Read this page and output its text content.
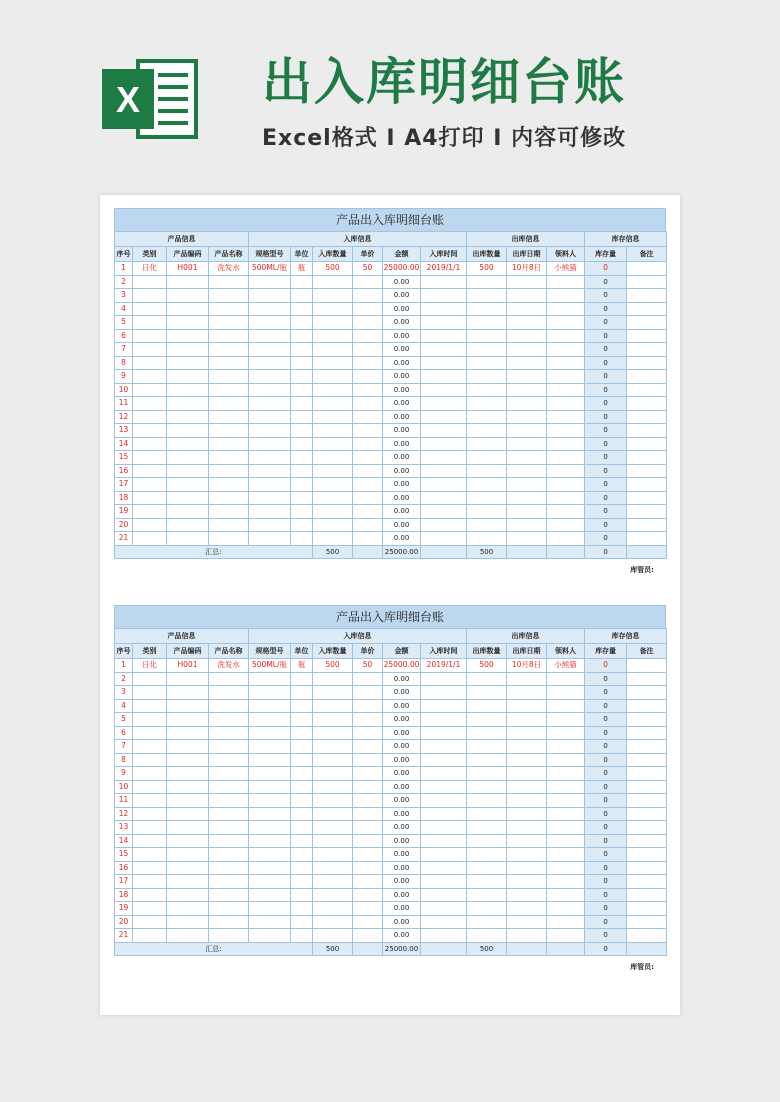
X 出入库明细台账
Excel格式 I A4打印 I 内容可修改
产品出入库明细台账
产品信息				入库信息						出库信息			库存信息	
序号	类别	产品编码	产品名称	规格型号	单位	入库数量	单价	金额	入库时间	出库数量	出库日期	领料人	库存量	备注
1	日化	H001	洗发水	500ML/瓶	瓶	500	50	25000.00	2019/1/1	500	10月8日	小熊猫	0	
2								0.00					0	
3								0.00					0	
4								0.00					0	
5								0.00					0	
6								0.00					0	
7								0.00					0	
8								0.00					0	
9								0.00					0	
10								0.00					0	
11								0.00					0	
12								0.00					0	
13								0.00					0	
14								0.00					0	
15								0.00					0	
16								0.00					0	
17								0.00					0	
18								0.00					0	
19								0.00					0	
20								0.00					0	
21								0.00					0	
汇总:						500		25000.00		500			0	
库管员:
产品出入库明细台账
产品信息				入库信息						出库信息			库存信息	
序号	类别	产品编码	产品名称	规格型号	单位	入库数量	单价	金额	入库时间	出库数量	出库日期	领料人	库存量	备注
1	日化	H001	洗发水	500ML/瓶	瓶	500	50	25000.00	2019/1/1	500	10月8日	小熊猫	0	
2								0.00					0	
3								0.00					0	
4								0.00					0	
5								0.00					0	
6								0.00					0	
7								0.00					0	
8								0.00					0	
9								0.00					0	
10								0.00					0	
11								0.00					0	
12								0.00					0	
13								0.00					0	
14								0.00					0	
15								0.00					0	
16								0.00					0	
17								0.00					0	
18								0.00					0	
19								0.00					0	
20								0.00					0	
21								0.00					0	
汇总:						500		25000.00		500			0	
库管员:
